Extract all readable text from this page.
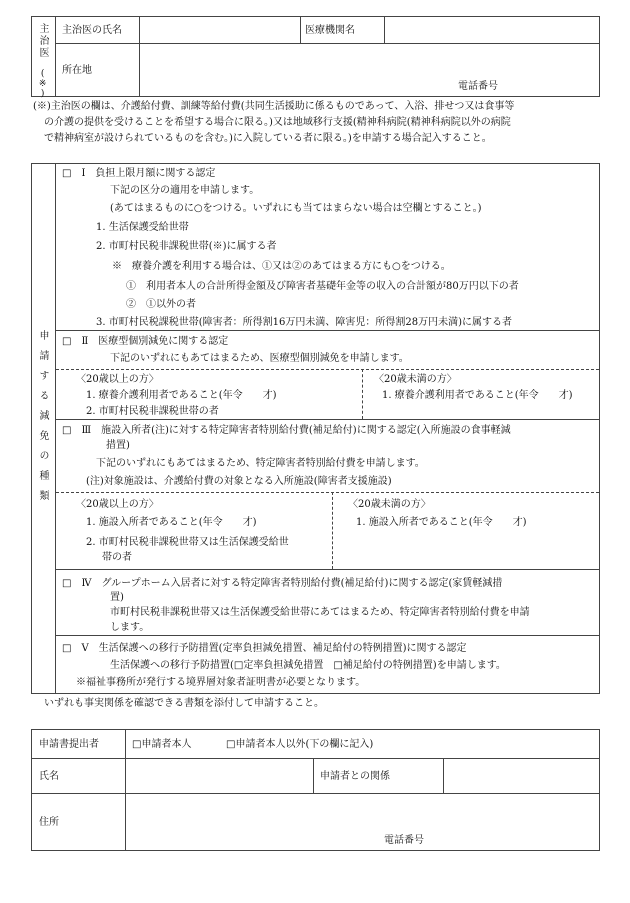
主治医
(※)
主治医の氏名	医療機関名
所在地
電話番号
(※)主治医の欄は、介護給付費、訓練等給付費(共同生活援助に係るものであって、入浴、排せつ又は食事等
の介護の提供を受けることを希望する場合に限る。)又は地域移行支援(精神科病院(精神科病院以外の病院
で精神病室が設けられているものを含む。)に入院している者に限る。)を申請する場合記入すること。
申請する減免の種類
□　Ⅰ　負担上限月額に関する認定
下記の区分の適用を申請します。
(あてはまるものに○をつける。いずれにも当てはまらない場合は空欄とすること。)
1. 生活保護受給世帯
2. 市町村民税非課税世帯(※)に属する者
※　療養介護を利用する場合は、①又は②のあてはまる方にも○をつける。
①　利用者本人の合計所得金額及び障害者基礎年金等の収入の合計額が80万円以下の者
②　①以外の者
3. 市町村民税課税世帯(障害者：所得割16万円未満、障害児：所得割28万円未満)に属する者
□　Ⅱ　医療型個別減免に関する認定
下記のいずれにもあてはまるため、医療型個別減免を申請します。
〈20歳以上の方〉
1. 療養介護利用者であること(年令　　才)
2. 市町村民税非課税世帯の者
〈20歳未満の方〉
1. 療養介護利用者であること(年令　　才)
□　Ⅲ　施設入所者(注)に対する特定障害者特別給付費(補足給付)に関する認定(入所施設の食事軽減
措置)
下記のいずれにもあてはまるため、特定障害者特別給付費を申請します。
(注)対象施設は、介護給付費の対象となる入所施設(障害者支援施設)
〈20歳以上の方〉
1. 施設入所者であること(年令　　才)
2. 市町村民税非課税世帯又は生活保護受給世
帯の者
〈20歳未満の方〉
1. 施設入所者であること(年令　　才)
□　Ⅳ　グループホーム入居者に対する特定障害者特別給付費(補足給付)に関する認定(家賃軽減措
置)
市町村民税非課税世帯又は生活保護受給世帯にあてはまるため、特定障害者特別給付費を申請
します。
□　Ⅴ　生活保護への移行予防措置(定率負担減免措置、補足給付の特例措置)に関する認定
生活保護への移行予防措置(□定率負担減免措置　□補足給付の特例措置)を申請します。
※福祉事務所が発行する境界層対象者証明書が必要となります。
いずれも事実関係を確認できる書類を添付して申請すること。
申請書提出者	□申請者本人	□申請者本人以外(下の欄に記入)
氏名	申請者との関係
住所
電話番号
